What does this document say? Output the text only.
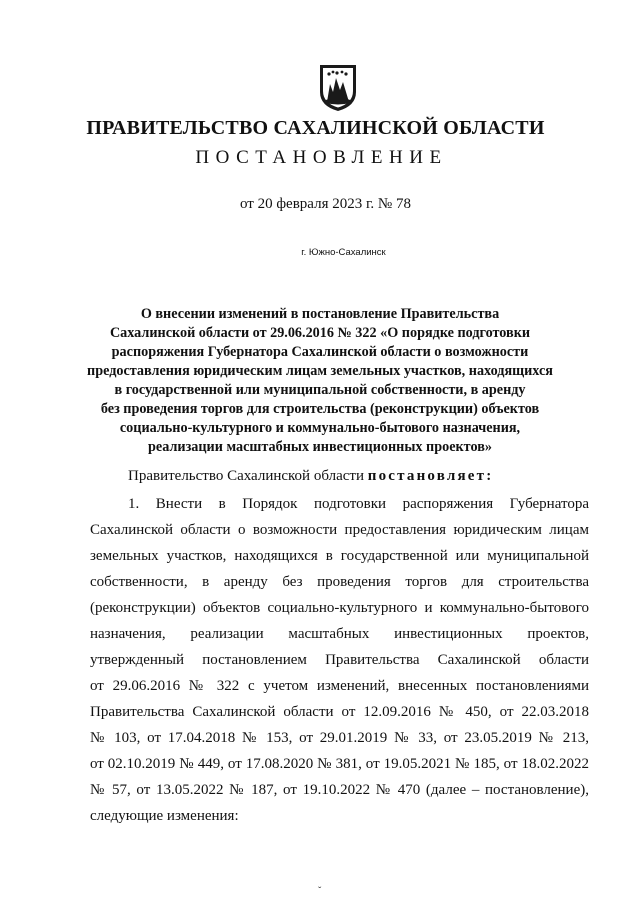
ПРАВИТЕЛЬСТВО САХАЛИНСКОЙ ОБЛАСТИ
ПОСТАНОВЛЕНИЕ
от 20 февраля 2023 г. № 78
г. Южно-Сахалинск
О внесении изменений в постановление Правительства
Сахалинской области от 29.06.2016 № 322 «О порядке подготовки
распоряжения Губернатора Сахалинской области о возможности
предоставления юридическим лицам земельных участков, находящихся
в государственной или муниципальной собственности, в аренду
без проведения торгов для строительства (реконструкции) объектов
социально-культурного и коммунально-бытового назначения,
реализации масштабных инвестиционных проектов»
Правительство Сахалинской области постановляет:
1. Внести в Порядок подготовки распоряжения Губернатора
Сахалинской области о возможности предоставления юридическим лицам
земельных участков, находящихся в государственной или муниципальной
собственности, в аренду без проведения торгов для строительства
(реконструкции) объектов социально-культурного и коммунально-бытового
назначения, реализации масштабных инвестиционных проектов,
утвержденный постановлением Правительства Сахалинской области
от 29.06.2016 № 322 с учетом изменений, внесенных постановлениями
Правительства Сахалинской области от 12.09.2016 № 450, от 22.03.2018
№ 103, от 17.04.2018 № 153, от 29.01.2019 № 33, от 23.05.2019 № 213,
от 02.10.2019 № 449, от 17.08.2020 № 381, от 19.05.2021 № 185, от 18.02.2022
№ 57, от 13.05.2022 № 187, от 19.10.2022 № 470 (далее – постановление),
следующие изменения:
ˇ
